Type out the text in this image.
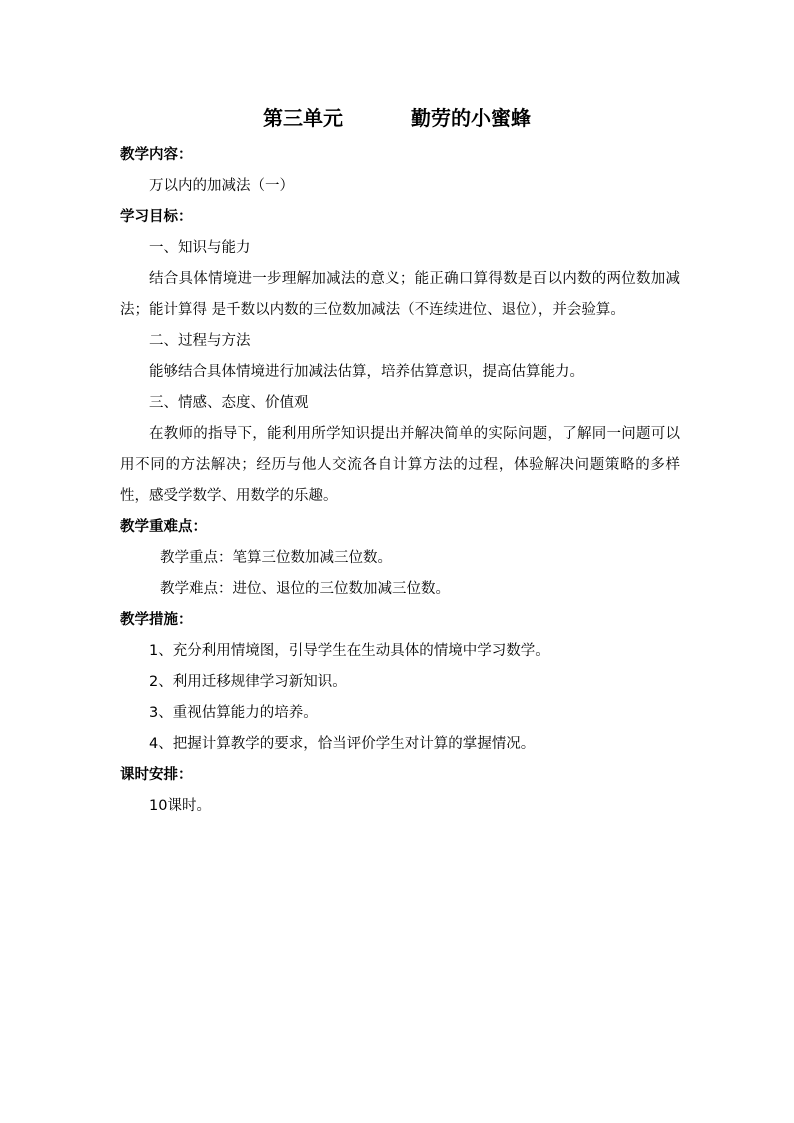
第三单元	勤劳的小蜜蜂

教学内容：

万以内的加减法（一）

学习目标：

一、知识与能力

结合具体情境进一步理解加减法的意义；能正确口算得数是百以内数的两位数加减法；能计算得 是千数以内数的三位数加减法（不连续进位、退位），并会验算。

二、过程与方法

能够结合具体情境进行加减法估算，培养估算意识，提高估算能力。

三、情感、态度、价值观

在教师的指导下，能利用所学知识提出并解决简单的实际问题，了解同一问题可以用不同的方法解决；经历与他人交流各自计算方法的过程，体验解决问题策略的多样性，感受学数学、用数学的乐趣。

教学重难点：

教学重点：笔算三位数加减三位数。

教学难点：进位、退位的三位数加减三位数。

教学措施：

1、充分利用情境图，引导学生在生动具体的情境中学习数学。

2、利用迁移规律学习新知识。

3、重视估算能力的培养。

4、把握计算教学的要求，恰当评价学生对计算的掌握情况。

课时安排：

10课时。
